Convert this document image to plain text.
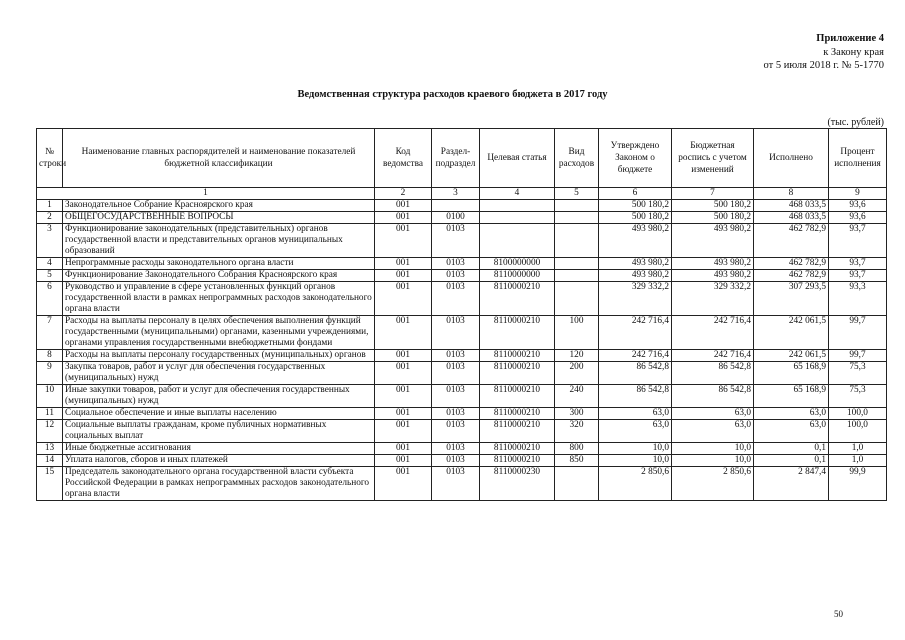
Приложение 4
к Закону края
от 5 июля 2018 г. № 5-1770
Ведомственная структура расходов краевого бюджета в 2017 году
(тыс. рублей)
№ строки	Наименование главных распорядителей и наименование показателей бюджетной классификации	Код ведомства	Раздел-подраздел	Целевая статья	Вид расходов	Утверждено Законом о бюджете	Бюджетная роспись с учетом изменений	Исполнено	Процент исполнения
1		2	3	4	5	6	7	8	9
1	Законодательное Собрание Красноярского края	001				500 180,2	500 180,2	468 033,5	93,6
2	ОБЩЕГОСУДАРСТВЕННЫЕ ВОПРОСЫ	001	0100			500 180,2	500 180,2	468 033,5	93,6
3	Функционирование законодательных (представительных) органов государственной власти и представительных органов муниципальных образований	001	0103			493 980,2	493 980,2	462 782,9	93,7
4	Непрограммные расходы законодательного органа власти	001	0103	8100000000		493 980,2	493 980,2	462 782,9	93,7
5	Функционирование Законодательного Собрания Красноярского края	001	0103	8110000000		493 980,2	493 980,2	462 782,9	93,7
6	Руководство и управление в сфере установленных функций органов государственной власти в рамках непрограммных расходов законодательного органа власти	001	0103	8110000210		329 332,2	329 332,2	307 293,5	93,3
7	Расходы на выплаты персоналу в целях обеспечения выполнения функций государственными (муниципальными) органами, казенными учреждениями, органами управления государственными внебюджетными фондами	001	0103	8110000210	100	242 716,4	242 716,4	242 061,5	99,7
8	Расходы на выплаты персоналу государственных (муниципальных) органов	001	0103	8110000210	120	242 716,4	242 716,4	242 061,5	99,7
9	Закупка товаров, работ и услуг для обеспечения государственных (муниципальных) нужд	001	0103	8110000210	200	86 542,8	86 542,8	65 168,9	75,3
10	Иные закупки товаров, работ и услуг для обеспечения государственных (муниципальных) нужд	001	0103	8110000210	240	86 542,8	86 542,8	65 168,9	75,3
11	Социальное обеспечение и иные выплаты населению	001	0103	8110000210	300	63,0	63,0	63,0	100,0
12	Социальные выплаты гражданам, кроме публичных нормативных социальных выплат	001	0103	8110000210	320	63,0	63,0	63,0	100,0
13	Иные бюджетные ассигнования	001	0103	8110000210	800	10,0	10,0	0,1	1,0
14	Уплата налогов, сборов и иных платежей	001	0103	8110000210	850	10,0	10,0	0,1	1,0
15	Председатель законодательного органа государственной власти субъекта Российской Федерации в рамках непрограммных расходов законодательного органа власти	001	0103	8110000230		2 850,6	2 850,6	2 847,4	99,9
50
